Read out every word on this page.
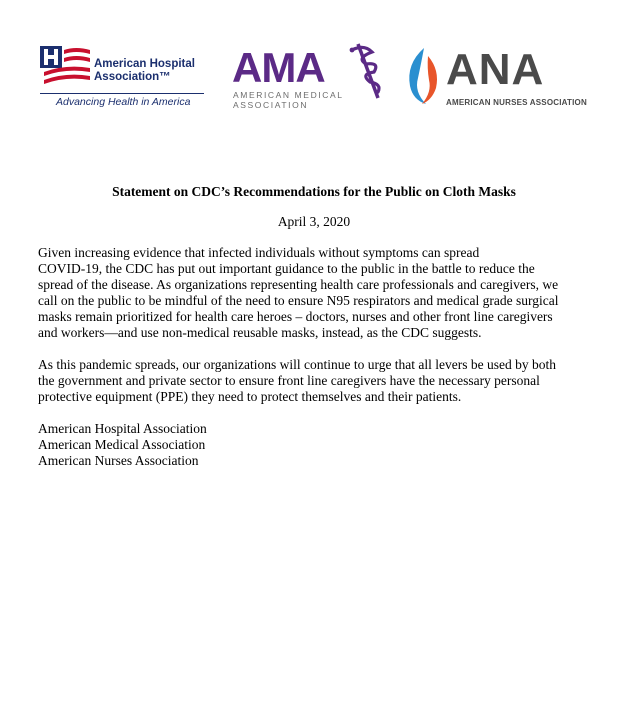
American Hospital
Association™
Advancing Health in America
AMA
AMERICAN MEDICAL
ASSOCIATION
ANA
AMERICAN NURSES ASSOCIATION
Statement on CDC’s Recommendations for the Public on Cloth Masks
April 3, 2020
Given increasing evidence that infected individuals without symptoms can spread
COVID-19, the CDC has put out important guidance to the public in the battle to reduce the
spread of the disease. As organizations representing health care professionals and caregivers, we
call on the public to be mindful of the need to ensure N95 respirators and medical grade surgical
masks remain prioritized for health care heroes – doctors, nurses and other front line caregivers
and workers—and use non-medical reusable masks, instead, as the CDC suggests.
As this pandemic spreads, our organizations will continue to urge that all levers be used by both
the government and private sector to ensure front line caregivers have the necessary personal
protective equipment (PPE) they need to protect themselves and their patients.
American Hospital Association
American Medical Association
American Nurses Association
